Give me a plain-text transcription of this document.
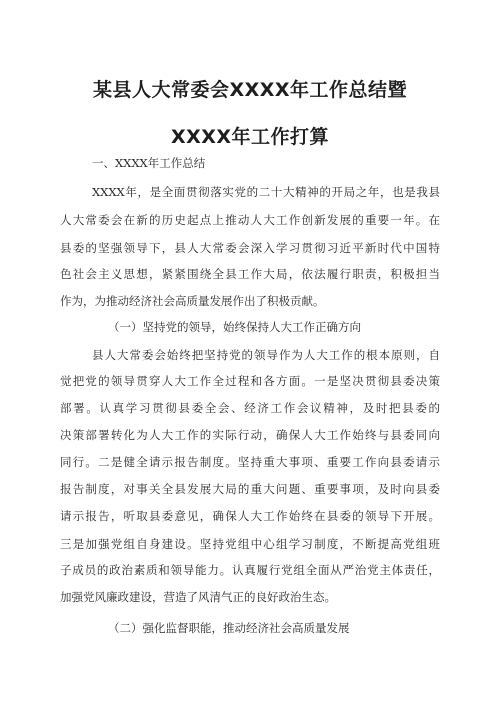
某县人大常委会XXXX年工作总结暨
XXXX年工作打算
一、XXXX年工作总结
XXXX年，是全面贯彻落实党的二十大精神的开局之年，也是我县
人大常委会在新的历史起点上推动人大工作创新发展的重要一年。在
县委的坚强领导下，县人大常委会深入学习贯彻习近平新时代中国特
色社会主义思想，紧紧围绕全县工作大局，依法履行职责，积极担当
作为，为推动经济社会高质量发展作出了积极贡献。
（一）坚持党的领导，始终保持人大工作正确方向
县人大常委会始终把坚持党的领导作为人大工作的根本原则，自
觉把党的领导贯穿人大工作全过程和各方面。一是坚决贯彻县委决策
部署。认真学习贯彻县委全会、经济工作会议精神，及时把县委的
决策部署转化为人大工作的实际行动，确保人大工作始终与县委同向
同行。二是健全请示报告制度。坚持重大事项、重要工作向县委请示
报告制度，对事关全县发展大局的重大问题、重要事项，及时向县委
请示报告，听取县委意见，确保人大工作始终在县委的领导下开展。
三是加强党组自身建设。坚持党组中心组学习制度，不断提高党组班
子成员的政治素质和领导能力。认真履行党组全面从严治党主体责任，
加强党风廉政建设，营造了风清气正的良好政治生态。
（二）强化监督职能，推动经济社会高质量发展
